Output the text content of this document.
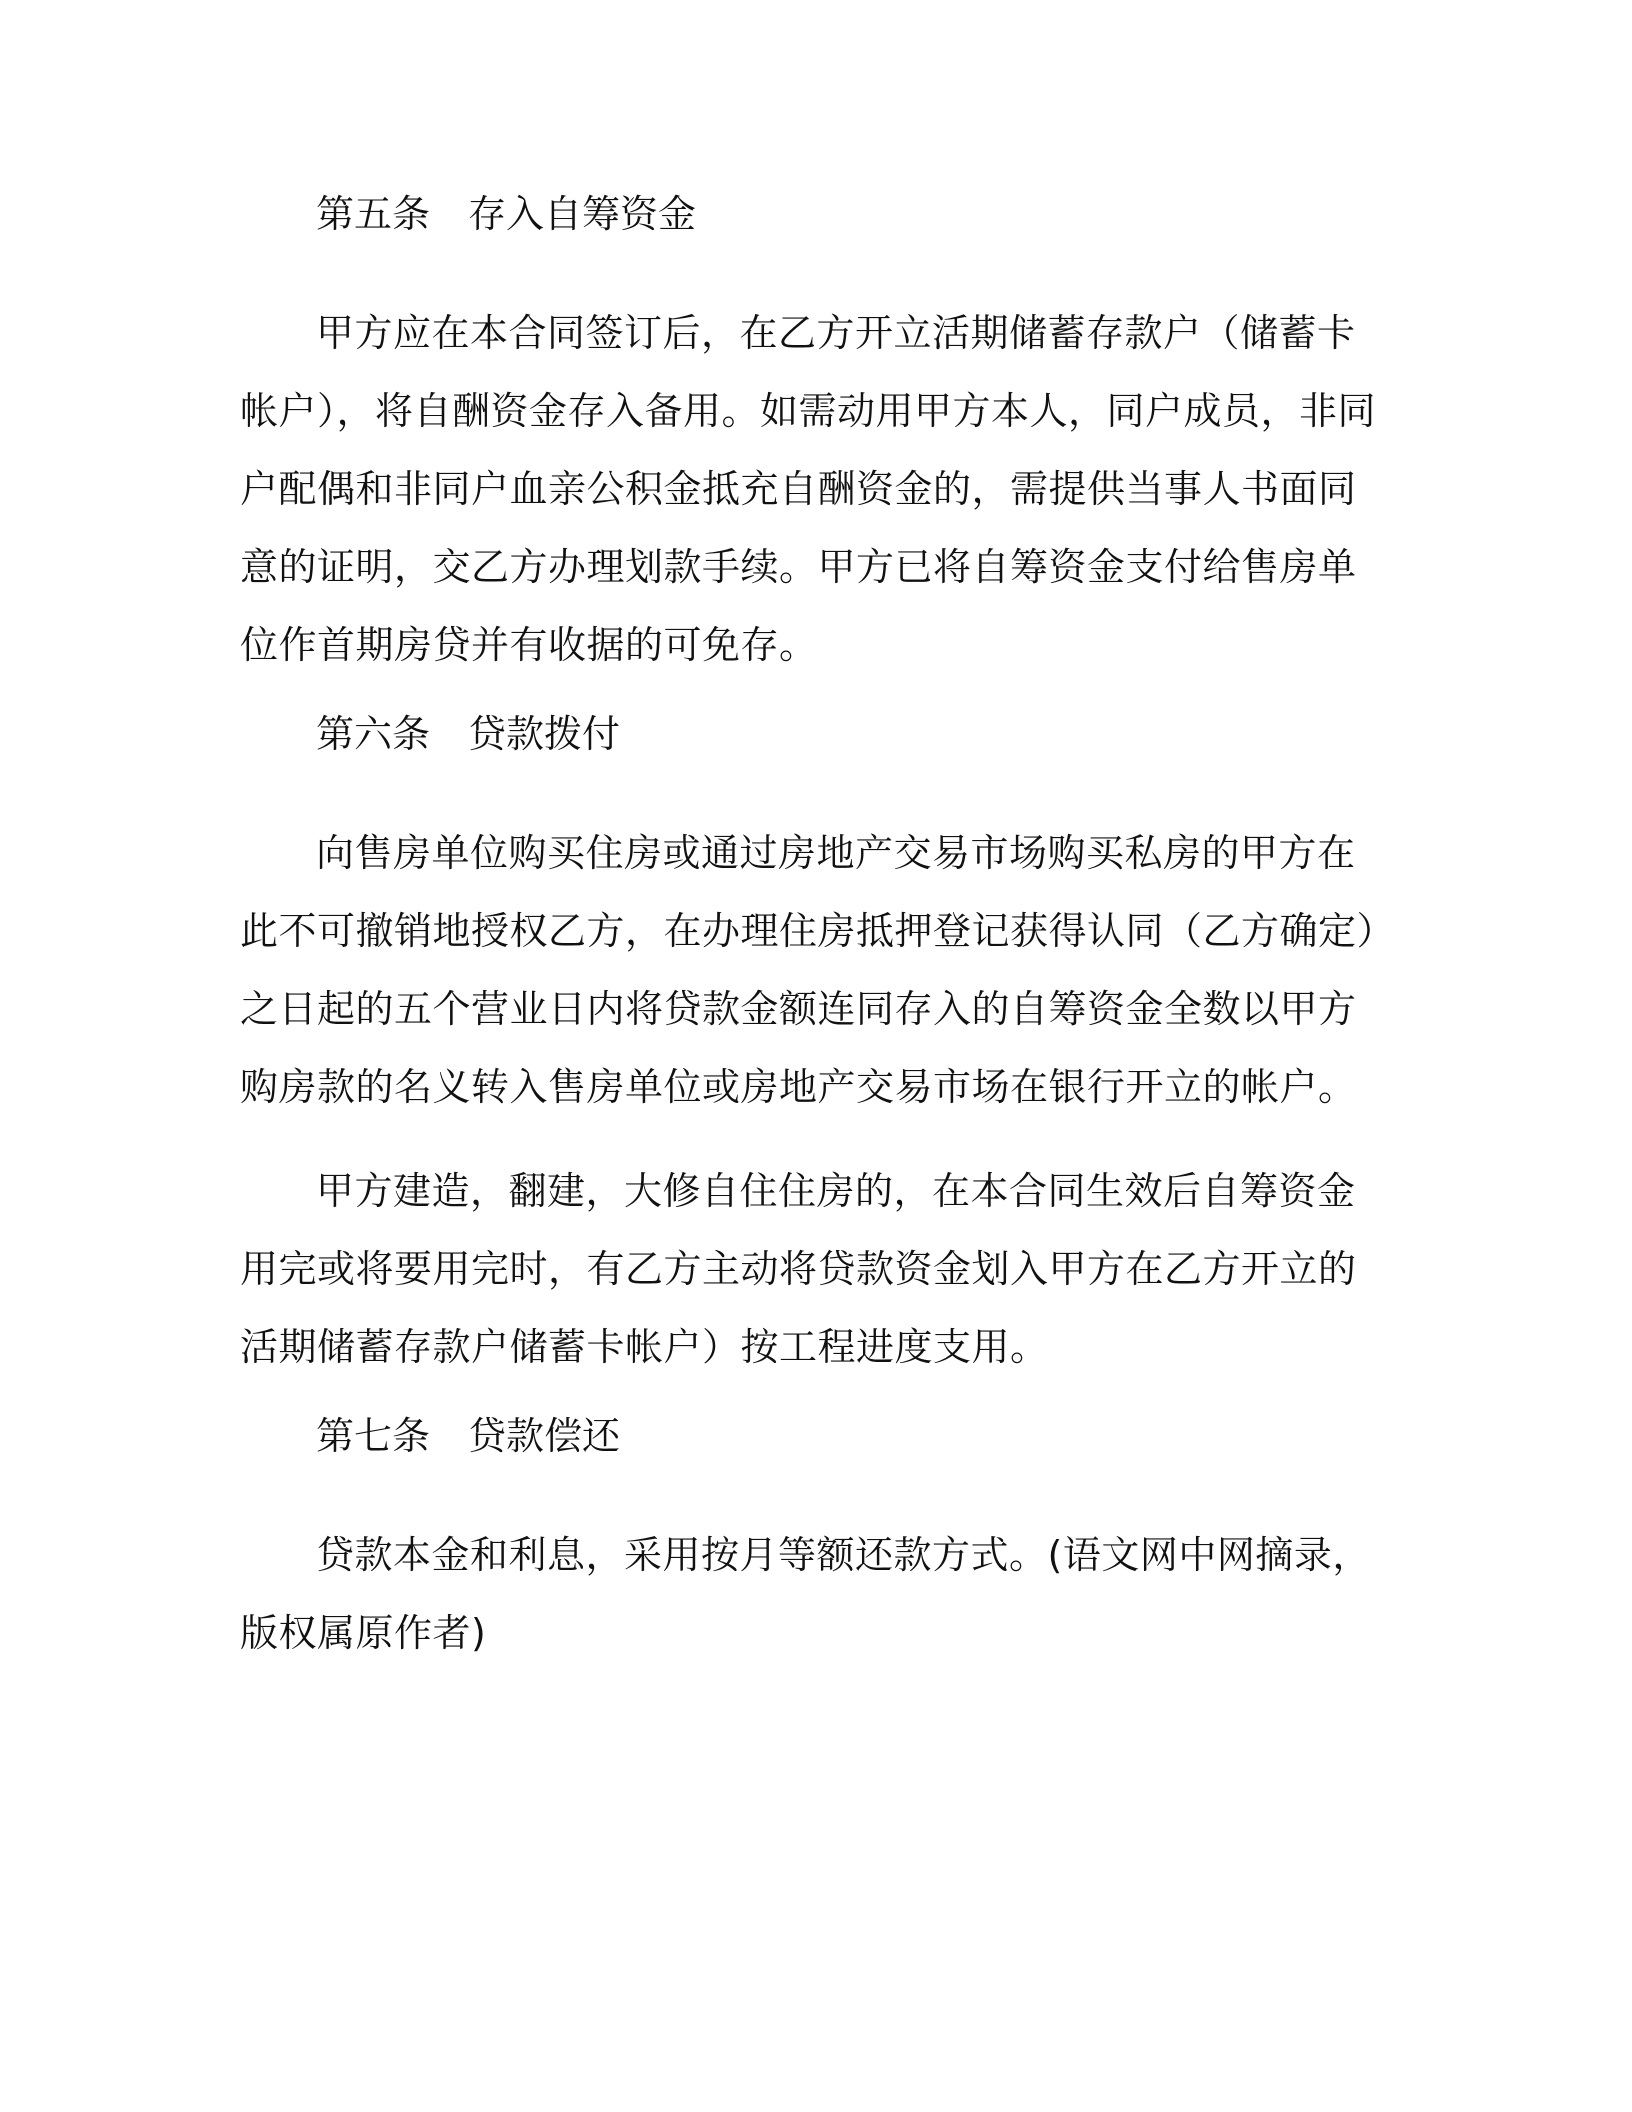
第五条 存入自筹资金

甲方应在本合同签订后，在乙方开立活期储蓄存款户（储蓄卡帐户），将自酬资金存入备用。如需动用甲方本人，同户成员，非同户配偶和非同户血亲公积金抵充自酬资金的，需提供当事人书面同意的证明，交乙方办理划款手续。甲方已将自筹资金支付给售房单位作首期房贷并有收据的可免存。

第六条 贷款拨付

向售房单位购买住房或通过房地产交易市场购买私房的甲方在此不可撤销地授权乙方，在办理住房抵押登记获得认同（乙方确定）之日起的五个营业日内将贷款金额连同存入的自筹资金全数以甲方购房款的名义转入售房单位或房地产交易市场在银行开立的帐户。

甲方建造，翻建，大修自住住房的，在本合同生效后自筹资金用完或将要用完时，有乙方主动将贷款资金划入甲方在乙方开立的活期储蓄存款户储蓄卡帐户）按工程进度支用。

第七条 贷款偿还

贷款本金和利息，采用按月等额还款方式。(语文网中网摘录，版权属原作者)
